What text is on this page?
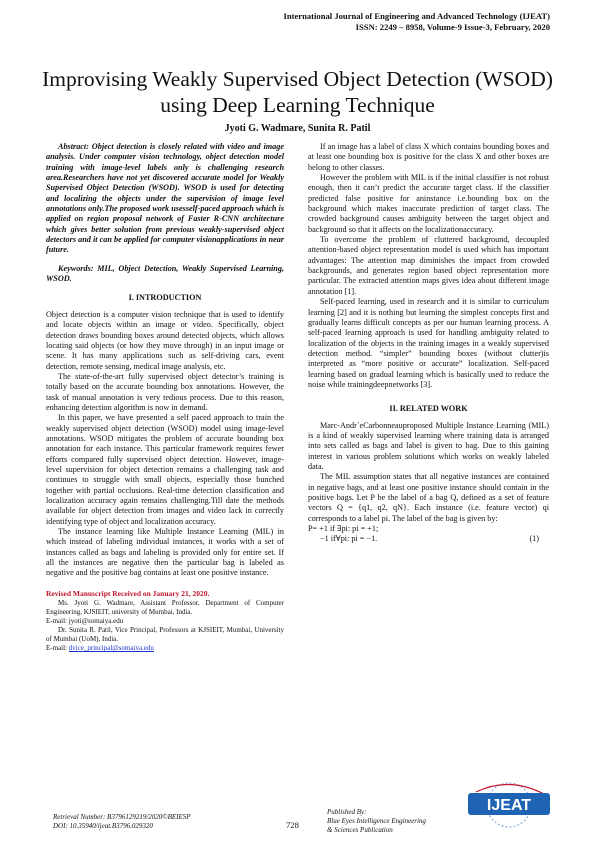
International Journal of Engineering and Advanced Technology (IJEAT)
ISSN: 2249 – 8958, Volume-9 Issue-3, February, 2020
Improvising Weakly Supervised Object Detection (WSOD) using Deep Learning Technique
Jyoti G. Wadmare, Sunita R. Patil

Abstract: Object detection is closely related with video and image analysis. Under computer vision technology, object detection model training with image-level labels only is challenging research area.Researchers have not yet discovered accurate model for Weakly Supervised Object Detection (WSOD). WSOD is used for detecting and localizing the objects under the supervision of image level annotations only.The proposed work usesself-paced approach which is applied on region proposal network of Faster R-CNN architecture which gives better solution from previous weakly-supervised object detectors and it can be applied for computer visionapplications in near future.

Keywords: MIL, Object Detection, Weakly Supervised Learning, WSOD.

I. INTRODUCTION

Object detection is a computer vision technique that is used to identify and locate objects within an image or video. Specifically, object detection draws bounding boxes around detected objects, which allows locating said objects (or how they move through) in an input image or scene. It has many applications such as self-driving cars, event detection, remote sensing, medical image analysis, etc.

The state-of-the-art fully supervised object detector’s training is totally based on the accurate bounding box annotations. However, the task of manual annotation is very tedious process. Due to this reason, enhancing detection algorithm is now in demand.

In this paper, we have presented a self paced approach to train the weakly supervised object detection (WSOD) model using image-level annotations. WSOD mitigates the problem of accurate bounding box annotation for each instance. This particular framework requires fewer efforts compared fully supervised object detection. However, image-level supervision for object detection remains a challenging task and continues to struggle with small objects, especially those bunched together with partial occlusions. Real-time detection classification and localization accuracy again remains challenging.Till date the methods available for object detection from images and video lack in correctly identifying type of object and localization accuracy.

The instance learning like Multiple Instance Learning (MIL) in which instead of labeling individual instances, it works with a set of instances called as bags and labeling is provided only for entire set. If all the instances are negative then the particular bag is labeled as negative and the positive bag contains at least one positive instance.

Revised Manuscript Received on January 21, 2020.

Ms. Jyoti G. Wadmare, Assistant Professor, Department of Computer Engineering, KJSIEIT, university of Mumbai, India.

E-mail: jyoti@somaiya.edu

Dr. Sunita R. Patil, Vice Principal, Professors at KJSIEIT, Mumbai, University of Mumbai (UoM), India.

E-mail: dvice_principal@somaiya.edu

If an image has a label of class X which contains bounding boxes and at least one bounding box is positive for the class X and other boxes are belong to other classes.

However the problem with MIL is if the initial classifier is not robust enough, then it can’t predict the accurate target class. If the classifier predicted false positive for aninstance i.e.bounding box on the background which makes inaccurate prediction of target class. The crowded background causes ambiguity between the target object and background so that it affects on the localizationaccuracy.

To overcome the problem of cluttered background, decoupled attention-based object representation model is used which has important advantages: The attention map diminishes the impact from crowded backgrounds, and generates region based object representation more particular. The extracted attention maps gives idea about different image annotation [1].

Self-paced learning, used in research and it is similar to curriculum learning [2] and it is nothing but learning the simplest concepts first and gradually learns difficult concepts as per our human learning process. A self-paced learning approach is used for handling ambiguity related to localization of the objects in the training images in a weakly supervised detection method. “simpler” bounding boxes (without clutter)is interpreted as “more positive or accurate” localization. Self-paced learning based on gradual learning which is basically used to reduce the noise while trainingdeepnetworks [3].

II. RELATED WORK

Marc-Andr´eCarbonneauproposed Multiple Instance Learning (MIL) is a kind of weakly supervised learning where training data is arranged into sets called as bags and label is given to bag. Due to this gaining interest in various problem solutions which works on weakly labeled data.

The MIL assumption states that all negative instances are contained in negative bags, and at least one positive instance should contain in the positive bags. Let P be the label of a bag Q, defined as a set of feature vectors Q = {q1, q2, qN}. Each instance (i.e. feature vector) qi corresponds to a label pi. The label of the bag is given by:

P= +1 if ∃pi: pi = +1;

−1 if∀pi: pi = −1.	(1)
Retrieval Number: B3796129219/2020©BEIESP
DOI: 10.35940/ijeat.B3796.029320	728
Published By:
Blue Eyes Intelligence Engineering
& Sciences Publication
IJEAT
